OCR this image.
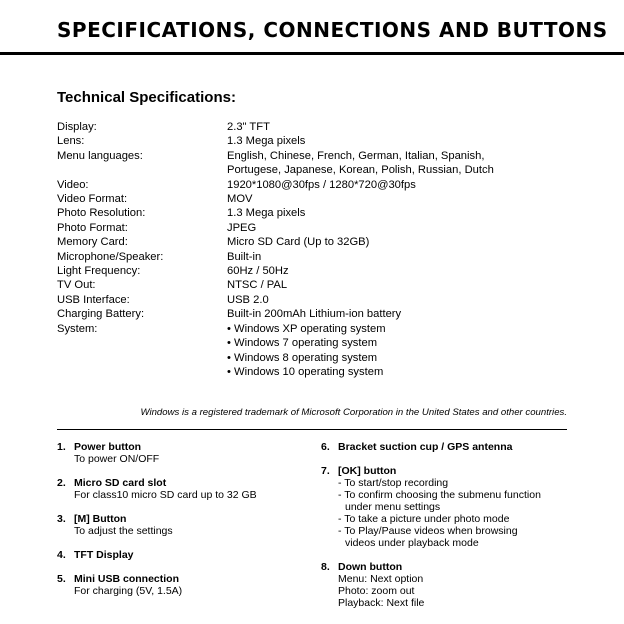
SPECIFICATIONS, CONNECTIONS AND BUTTONS
Technical Specifications:
Display:	2.3" TFT
Lens:	1.3 Mega pixels
Menu languages:	English, Chinese, French, German, Italian, Spanish,
Portugese, Japanese, Korean, Polish, Russian, Dutch
Video:	1920*1080@30fps / 1280*720@30fps
Video Format:	MOV
Photo Resolution:	1.3 Mega pixels
Photo Format:	JPEG
Memory Card:	Micro SD Card (Up to 32GB)
Microphone/Speaker:	Built-in
Light Frequency:	60Hz / 50Hz
TV Out:	NTSC / PAL
USB Interface:	USB 2.0
Charging Battery:	Built-in 200mAh Lithium-ion battery
System:	• Windows XP operating system
• Windows 7 operating system
• Windows 8 operating system
• Windows 10 operating system
Windows is a registered trademark of Microsoft Corporation in the United States and other countries.
1. Power button
To power ON/OFF
2. Micro SD card slot
For class10 micro SD card up to 32 GB
3. [M] Button
To adjust the settings
4. TFT Display
5. Mini USB connection
For charging (5V, 1.5A)
6. Bracket suction cup / GPS antenna
7. [OK] button
- To start/stop recording
- To confirm choosing the submenu function
under menu settings
- To take a picture under photo mode
- To Play/Pause videos when browsing
videos under playback mode
8. Down button
Menu: Next option
Photo: zoom out
Playback: Next file
